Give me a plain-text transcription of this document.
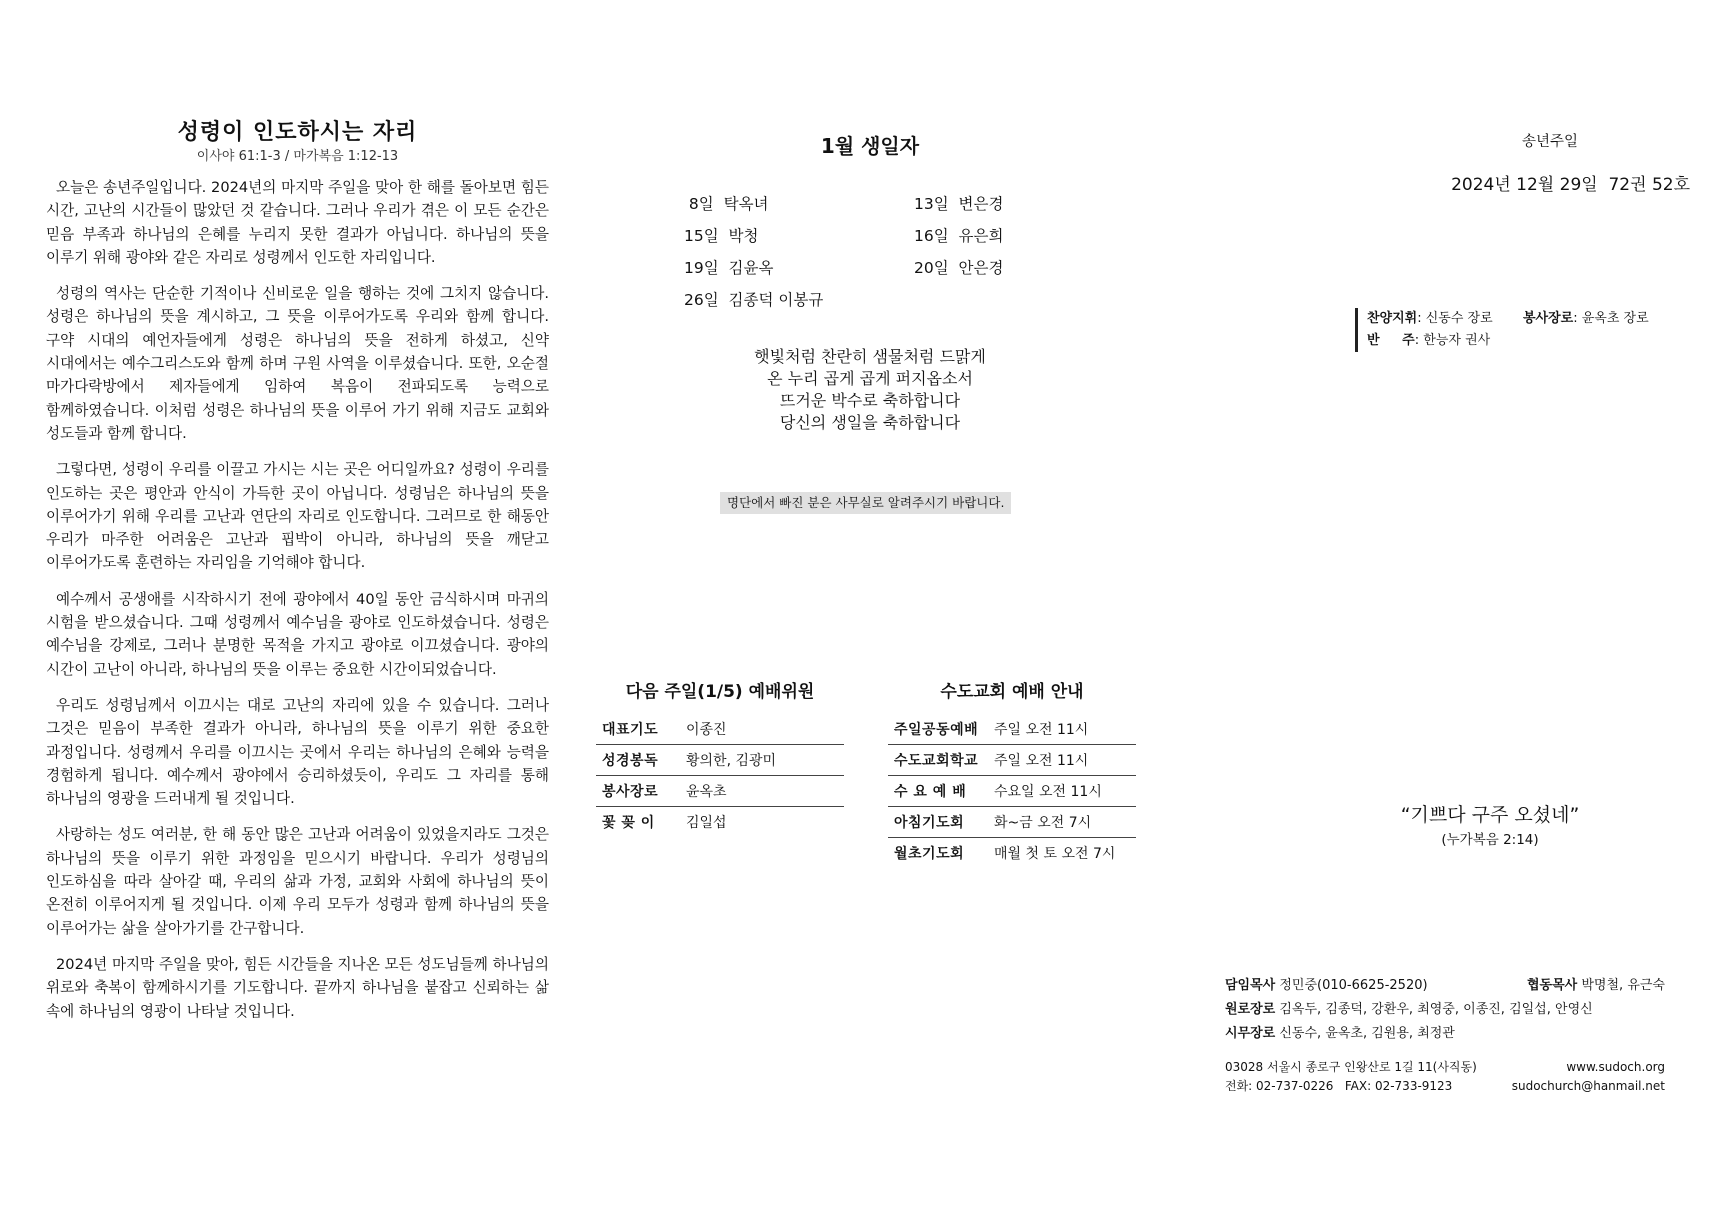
성령이 인도하시는 자리

이사야 61:1-3 / 마가복음 1:12-13

오늘은 송년주일입니다. 2024년의 마지막 주일을 맞아 한 해를 돌아보면 힘든 시간, 고난의 시간들이 많았던 것 같습니다. 그러나 우리가 겪은 이 모든 순간은 믿음 부족과 하나님의 은혜를 누리지 못한 결과가 아닙니다. 하나님의 뜻을 이루기 위해 광야와 같은 자리로 성령께서 인도한 자리입니다.

성령의 역사는 단순한 기적이나 신비로운 일을 행하는 것에 그치지 않습니다. 성령은 하나님의 뜻을 계시하고, 그 뜻을 이루어가도록 우리와 함께 합니다. 구약 시대의 예언자들에게 성령은 하나님의 뜻을 전하게 하셨고, 신약 시대에서는 예수그리스도와 함께 하며 구원 사역을 이루셨습니다. 또한, 오순절 마가다락방에서 제자들에게 임하여 복음이 전파되도록 능력으로 함께하였습니다. 이처럼 성령은 하나님의 뜻을 이루어 가기 위해 지금도 교회와 성도들과 함께 합니다.

그렇다면, 성령이 우리를 이끌고 가시는 시는 곳은 어디일까요? 성령이 우리를 인도하는 곳은 평안과 안식이 가득한 곳이 아닙니다. 성령님은 하나님의 뜻을 이루어가기 위해 우리를 고난과 연단의 자리로 인도합니다. 그러므로 한 해동안 우리가 마주한 어려움은 고난과 핍박이 아니라, 하나님의 뜻을 깨닫고 이루어가도록 훈련하는 자리임을 기억해야 합니다.

예수께서 공생애를 시작하시기 전에 광야에서 40일 동안 금식하시며 마귀의 시험을 받으셨습니다. 그때 성령께서 예수님을 광야로 인도하셨습니다. 성령은 예수님을 강제로, 그러나 분명한 목적을 가지고 광야로 이끄셨습니다. 광야의 시간이 고난이 아니라, 하나님의 뜻을 이루는 중요한 시간이되었습니다.

우리도 성령님께서 이끄시는 대로 고난의 자리에 있을 수 있습니다. 그러나 그것은 믿음이 부족한 결과가 아니라, 하나님의 뜻을 이루기 위한 중요한 과정입니다. 성령께서 우리를 이끄시는 곳에서 우리는 하나님의 은혜와 능력을 경험하게 됩니다. 예수께서 광야에서 승리하셨듯이, 우리도 그 자리를 통해 하나님의 영광을 드러내게 될 것입니다.

사랑하는 성도 여러분, 한 해 동안 많은 고난과 어려움이 있었을지라도 그것은 하나님의 뜻을 이루기 위한 과정임을 믿으시기 바랍니다. 우리가 성령님의 인도하심을 따라 살아갈 때, 우리의 삶과 가정, 교회와 사회에 하나님의 뜻이 온전히 이루어지게 될 것입니다. 이제 우리 모두가 성령과 함께 하나님의 뜻을 이루어가는 삶을 살아가기를 간구합니다.

2024년 마지막 주일을 맞아, 힘든 시간들을 지나온 모든 성도님들께 하나님의 위로와 축복이 함께하시기를 기도합니다. 끝까지 하나님을 붙잡고 신뢰하는 삶 속에 하나님의 영광이 나타날 것입니다.

1월 생일자
8일  탁옥녀	13일  변은경
15일  박청	16일  유은희
19일  김윤옥	20일  안은경
26일  김종덕 이봉규
햇빛처럼 찬란히 샘물처럼 드맑게
온 누리 곱게 곱게 퍼지옵소서
뜨거운 박수로 축하합니다
당신의 생일을 축하합니다
명단에서 빠진 분은 사무실로 알려주시기 바랍니다.
다음 주일(1/5) 예배위원
대표기도	이종진
성경봉독	황의한, 김광미
봉사장로	윤옥초
꽃 꽂 이	김일섭
수도교회 예배 안내
주일공동예배	주일 오전 11시
수도교회학교	주일 오전 11시
수 요 예 배	수요일 오전 11시
아침기도회	화~금 오전 7시
월초기도회	매월 첫 토 오전 7시
송년주일
2024년 12월 29일  72권 52호
찬양지휘: 신동수 장로 봉사장로: 윤옥초 장로
반     주: 한능자 권사
“기쁘다 구주 오셨네”
(누가복음 2:14)
담임목사 정민중(010-6625-2520)	협동목사 박명철, 유근숙
원로장로 김옥두, 김종덕, 강환우, 최영중, 이종진, 김일섭, 안영신
시무장로 신동수, 윤옥초, 김원용, 최정관
03028 서울시 종로구 인왕산로 1길 11(사직동)	www.sudoch.org
전화: 02-737-0226   FAX: 02-733-9123	sudochurch@hanmail.net
